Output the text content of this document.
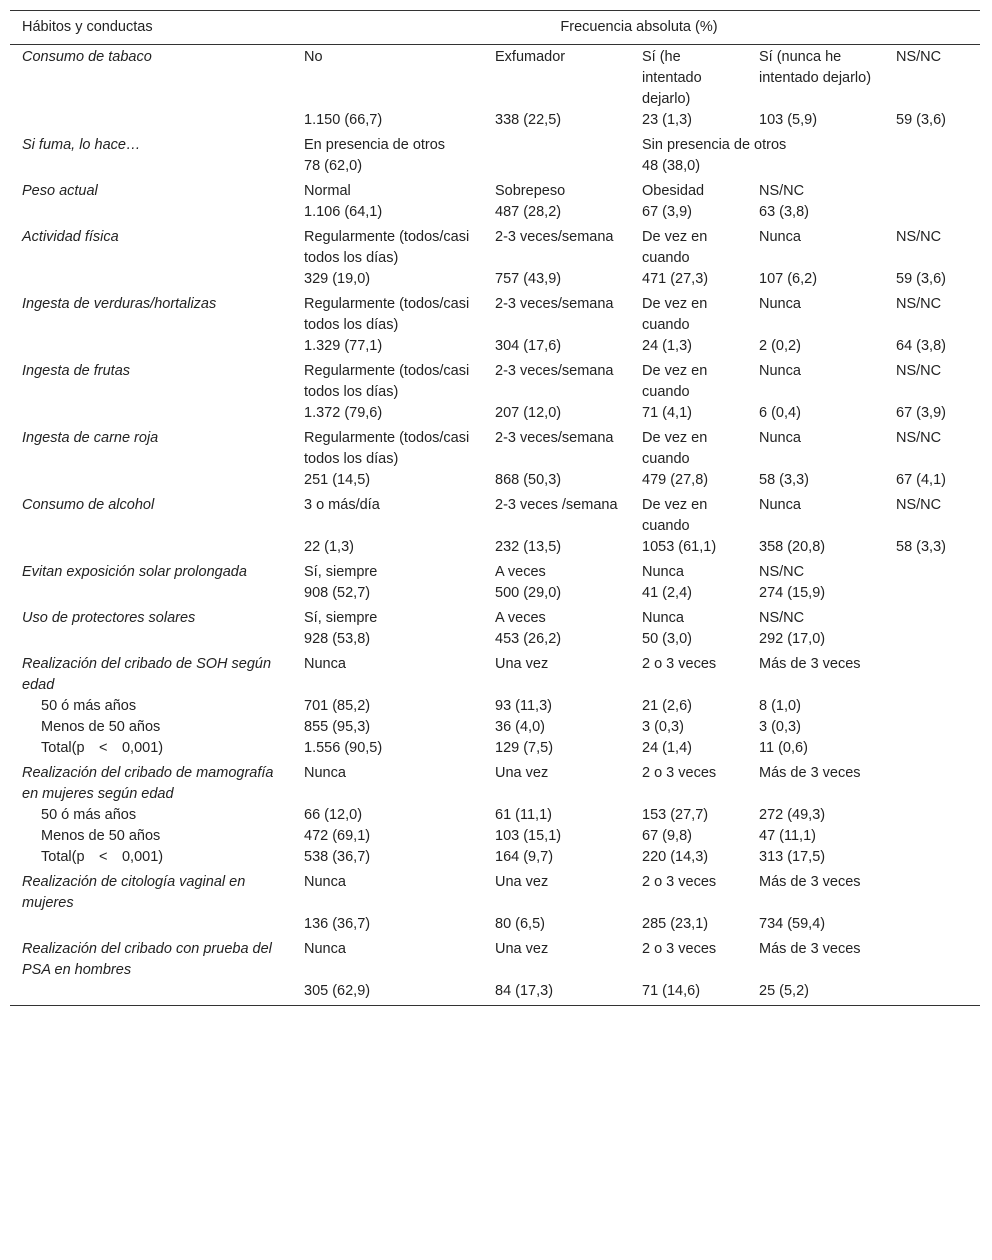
Hábitos y conductas	Frecuencia absoluta (%)				
Consumo de tabaco	No	Exfumador	Sí (he intentado dejarlo)	Sí (nunca he intentado dejarlo)	NS/NC
	1.150 (66,7)	338 (22,5)	23 (1,3)	103 (5,9)	59 (3,6)
Si fuma, lo hace…	En presencia de otros		Sin presencia de otros		
	78 (62,0)		48 (38,0)		
Peso actual	Normal	Sobrepeso	Obesidad	NS/NC	
	1.106 (64,1)	487 (28,2)	67 (3,9)	63 (3,8)	
Actividad física	Regularmente (todos/casi todos los días)	2-3 veces/semana	De vez en cuando	Nunca	NS/NC
	329 (19,0)	757 (43,9)	471 (27,3)	107 (6,2)	59 (3,6)
Ingesta de verduras/hortalizas	Regularmente (todos/casi todos los días)	2-3 veces/semana	De vez en cuando	Nunca	NS/NC
	1.329 (77,1)	304 (17,6)	24 (1,3)	2 (0,2)	64 (3,8)
Ingesta de frutas	Regularmente (todos/casi todos los días)	2-3 veces/semana	De vez en cuando	Nunca	NS/NC
	1.372 (79,6)	207 (12,0)	71 (4,1)	6 (0,4)	67 (3,9)
Ingesta de carne roja	Regularmente (todos/casi todos los días)	2-3 veces/semana	De vez en cuando	Nunca	NS/NC
	251 (14,5)	868 (50,3)	479 (27,8)	58 (3,3)	67 (4,1)
Consumo de alcohol	3 o más/día	2-3 veces /semana	De vez en cuando	Nunca	NS/NC
	22 (1,3)	232 (13,5)	1053 (61,1)	358 (20,8)	58 (3,3)
Evitan exposición solar prolongada	Sí, siempre	A veces	Nunca	NS/NC	
	908 (52,7)	500 (29,0)	41 (2,4)	274 (15,9)	
Uso de protectores solares	Sí, siempre	A veces	Nunca	NS/NC	
	928 (53,8)	453 (26,2)	50 (3,0)	292 (17,0)	
Realización del cribado de SOH según edad	Nunca	Una vez	2 o 3 veces	Más de 3 veces	
50 ó más años	701 (85,2)	93 (11,3)	21 (2,6)	8 (1,0)	
Menos de 50 años	855 (95,3)	36 (4,0)	3 (0,3)	3 (0,3)	
Total(p < 0,001)	1.556 (90,5)	129 (7,5)	24 (1,4)	11 (0,6)	
Realización del cribado de mamografía en mujeres según edad	Nunca	Una vez	2 o 3 veces	Más de 3 veces	
50 ó más años	66 (12,0)	61 (11,1)	153 (27,7)	272 (49,3)	
Menos de 50 años	472 (69,1)	103 (15,1)	67 (9,8)	47 (11,1)	
Total(p < 0,001)	538 (36,7)	164 (9,7)	220 (14,3)	313 (17,5)	
Realización de citología vaginal en mujeres	Nunca	Una vez	2 o 3 veces	Más de 3 veces	
	136 (36,7)	80 (6,5)	285 (23,1)	734 (59,4)	
Realización del cribado con prueba del PSA en hombres	Nunca	Una vez	2 o 3 veces	Más de 3 veces	
	305 (62,9)	84 (17,3)	71 (14,6)	25 (5,2)	
